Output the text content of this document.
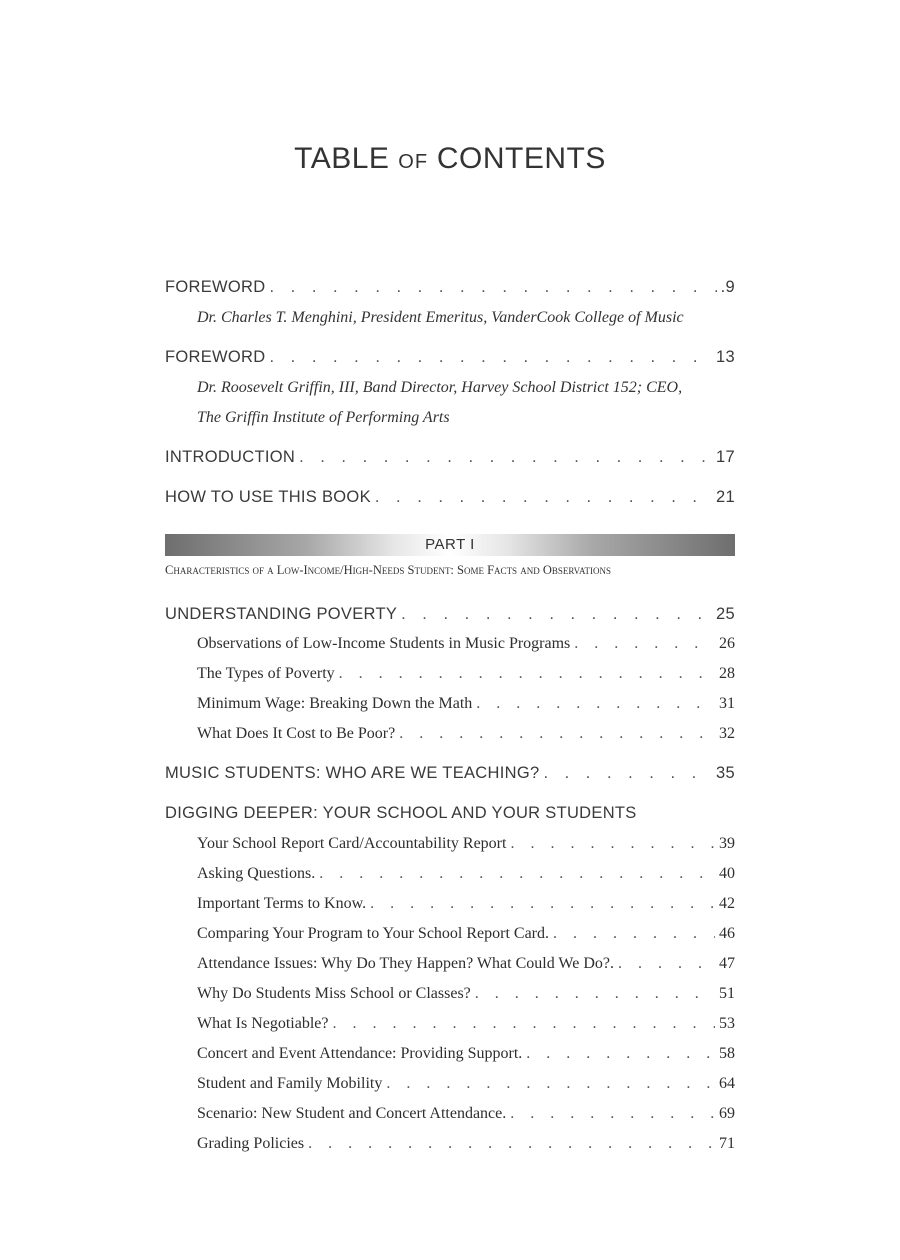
TABLE OF CONTENTS
FOREWORD . . .	.9
Dr. Charles T. Menghini, President Emeritus, VanderCook College of Music
FOREWORD . . .	13
Dr. Roosevelt Griffin, III, Band Director, Harvey School District 152; CEO,
The Griffin Institute of Performing Arts
INTRODUCTION . . .	17
HOW TO USE THIS BOOK . . .	21
PART I
Characteristics of a Low-Income/High-Needs Student: Some Facts and Observations
UNDERSTANDING POVERTY . . .	25
Observations of Low-Income Students in Music Programs . . .	26
The Types of Poverty . . .	28
Minimum Wage: Breaking Down the Math . . .	31
What Does It Cost to Be Poor? . . .	32
MUSIC STUDENTS: WHO ARE WE TEACHING? . . .	35
DIGGING DEEPER: YOUR SCHOOL AND YOUR STUDENTS
Your School Report Card/Accountability Report . . .	39
Asking Questions. . . .	40
Important Terms to Know. . . .	42
Comparing Your Program to Your School Report Card. . . .	46
Attendance Issues: Why Do They Happen? What Could We Do?. . . .	47
Why Do Students Miss School or Classes? . . .	51
What Is Negotiable? . . .	53
Concert and Event Attendance: Providing Support. . . .	58
Student and Family Mobility . . .	64
Scenario: New Student and Concert Attendance. . . .	69
Grading Policies . . .	71
